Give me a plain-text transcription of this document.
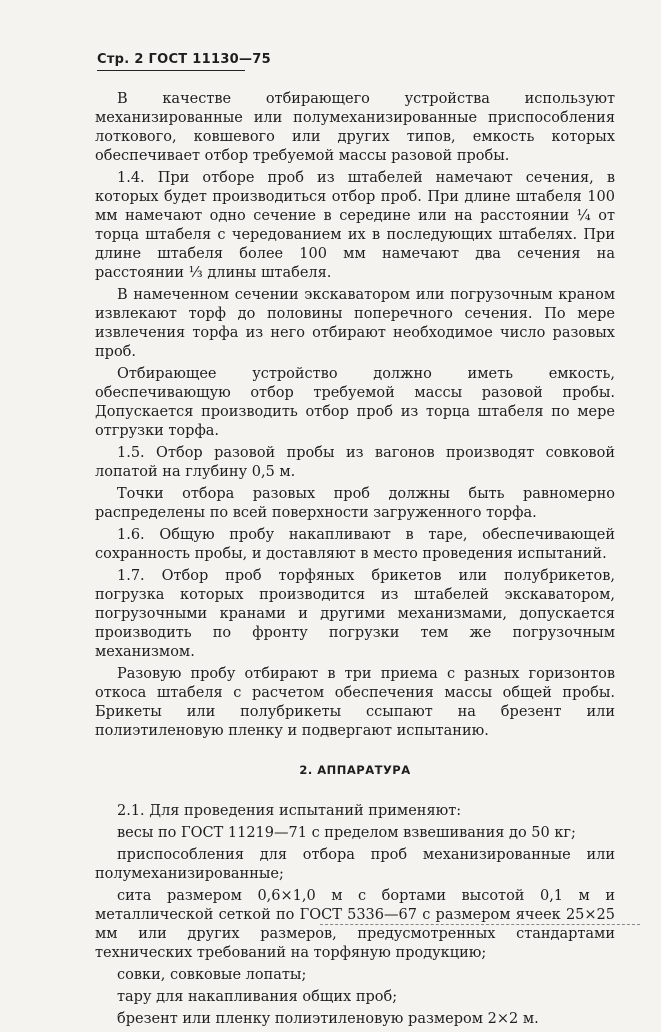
Стр. 2 ГОСТ 11130—75

В качестве отбирающего устройства используют механизированные или полумеханизированные приспособления лоткового, ковшевого или других типов, емкость которых обеспечивает отбор требуемой массы разовой пробы.

1.4. При отборе проб из штабелей намечают сечения, в которых будет производиться отбор проб. При длине штабеля 100 мм намечают одно сечение в середине или на расстоянии ¼ от торца штабеля с чередованием их в последующих штабелях. При длине штабеля более 100 мм намечают два сечения на расстоянии ⅓ длины штабеля.

В намеченном сечении экскаватором или погрузочным краном извлекают торф до половины поперечного сечения. По мере извлечения торфа из него отбирают необходимое число разовых проб.

Отбирающее устройство должно иметь емкость, обеспечивающую отбор требуемой массы разовой пробы. Допускается производить отбор проб из торца штабеля по мере отгрузки торфа.

1.5. Отбор разовой пробы из вагонов производят совковой лопатой на глубину 0,5 м.

Точки отбора разовых проб должны быть равномерно распределены по всей поверхности загруженного торфа.

1.6. Общую пробу накапливают в таре, обеспечивающей сохранность пробы, и доставляют в место проведения испытаний.

1.7. Отбор проб торфяных брикетов или полубрикетов, погрузка которых производится из штабелей экскаватором, погрузочными кранами и другими механизмами, допускается производить по фронту погрузки тем же погрузочным механизмом.

Разовую пробу отбирают в три приема с разных горизонтов откоса штабеля с расчетом обеспечения массы общей пробы. Брикеты или полубрикеты ссыпают на брезент или полиэтиленовую пленку и подвергают испытанию.

2. АППАРАТУРА

2.1. Для проведения испытаний применяют:

весы по ГОСТ 11219—71 с пределом взвешивания до 50 кг;

приспособления для отбора проб механизированные или полумеханизированные;

сита размером 0,6×1,0 м с бортами высотой 0,1 м и металлической сеткой по ГОСТ 5336—67 с размером ячеек 25×25 мм или других размеров, предусмотренных стандартами технических требований на торфяную продукцию;

совки, совковые лопаты;

тару для накапливания общих проб;

брезент или пленку полиэтиленовую размером 2×2 м.
